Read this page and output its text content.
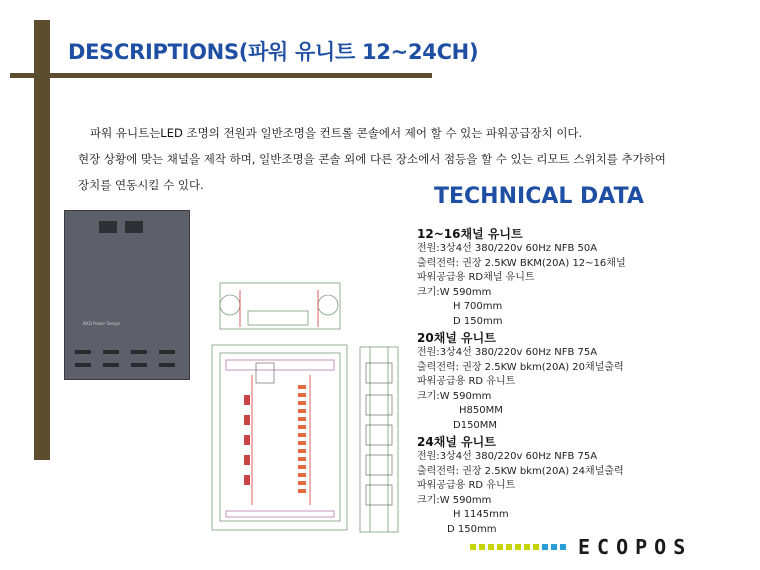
DESCRIPTIONS(파워 유니트 12~24CH)

파워 유니트는LED 조명의 전원과 일반조명을 컨트롤 콘솔에서 제어 할 수 있는 파워공급장치 이다.

현장 상황에 맞는 채널을 제작 하며, 일반조명을 콘솔 외에 다른 장소에서 점등을 할 수 있는 리모트 스위치를 추가하여

장치를 연동시킬 수 있다.	TECHNICAL DATA
12~16채널 유니트
전원:3상4선 380/220v 60Hz NFB 50A
출력전력: 권장 2.5KW BKM(20A) 12~16채널
파워공급용 RD채널 유니트
크기:W 590mm
H 700mm
D 150mm
20채널 유니트
전원:3상4선 380/220v 60Hz NFB 75A
출력전력: 권장 2.5KW bkm(20A) 20채널출력
파워공급용 RD 유니트
크기:W 590mm
H850MM
D150MM
24채널 유니트
전원:3상4선 380/220v 60Hz NFB 75A
출력전력: 권장 2.5KW bkm(20A) 24채널출력
파워공급용 RD 유니트
크기:W 590mm
H 1145mm
D 150mm
NXD Power Design
ECOPOS
